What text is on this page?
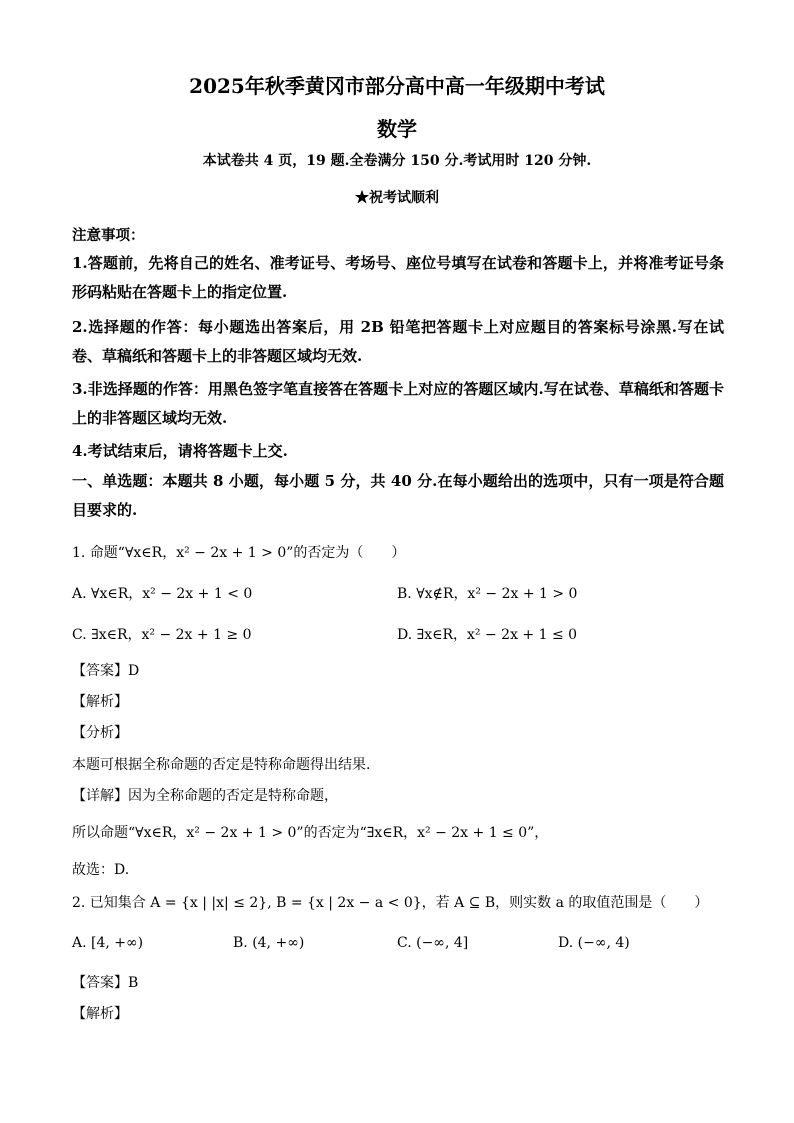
2025年秋季黄冈市部分高中高一年级期中考试
数学
本试卷共 4 页，19 题.全卷满分 150 分.考试用时 120 分钟.
★祝考试顺利
注意事项：
1.答题前，先将自己的姓名、准考证号、考场号、座位号填写在试卷和答题卡上，并将准考证号条形码粘贴在答题卡上的指定位置.
2.选择题的作答：每小题选出答案后，用 2B 铅笔把答题卡上对应题目的答案标号涂黑.写在试卷、草稿纸和答题卡上的非答题区域均无效.
3.非选择题的作答：用黑色签字笔直接答在答题卡上对应的答题区域内.写在试卷、草稿纸和答题卡上的非答题区域均无效.
4.考试结束后，请将答题卡上交.
一、单选题：本题共 8 小题，每小题 5 分，共 40 分.在每小题给出的选项中，只有一项是符合题目要求的.
1. 命题“∀x∈R，x² − 2x + 1 > 0”的否定为（　　）
A. ∀x∈R，x² − 2x + 1 < 0	B. ∀x∉R，x² − 2x + 1 > 0
C. ∃x∈R，x² − 2x + 1 ≥ 0	D. ∃x∈R，x² − 2x + 1 ≤ 0
【答案】D
【解析】
【分析】
本题可根据全称命题的否定是特称命题得出结果.
【详解】因为全称命题的否定是特称命题，
所以命题“∀x∈R，x² − 2x + 1 > 0”的否定为“∃x∈R，x² − 2x + 1 ≤ 0”，
故选：D.
2. 已知集合 A = {x | |x| ≤ 2}, B = {x | 2x − a < 0}，若 A ⊆ B，则实数 a 的取值范围是（　　）
A. [4, +∞)	B. (4, +∞)	C. (−∞, 4]	D. (−∞, 4)
【答案】B
【解析】
